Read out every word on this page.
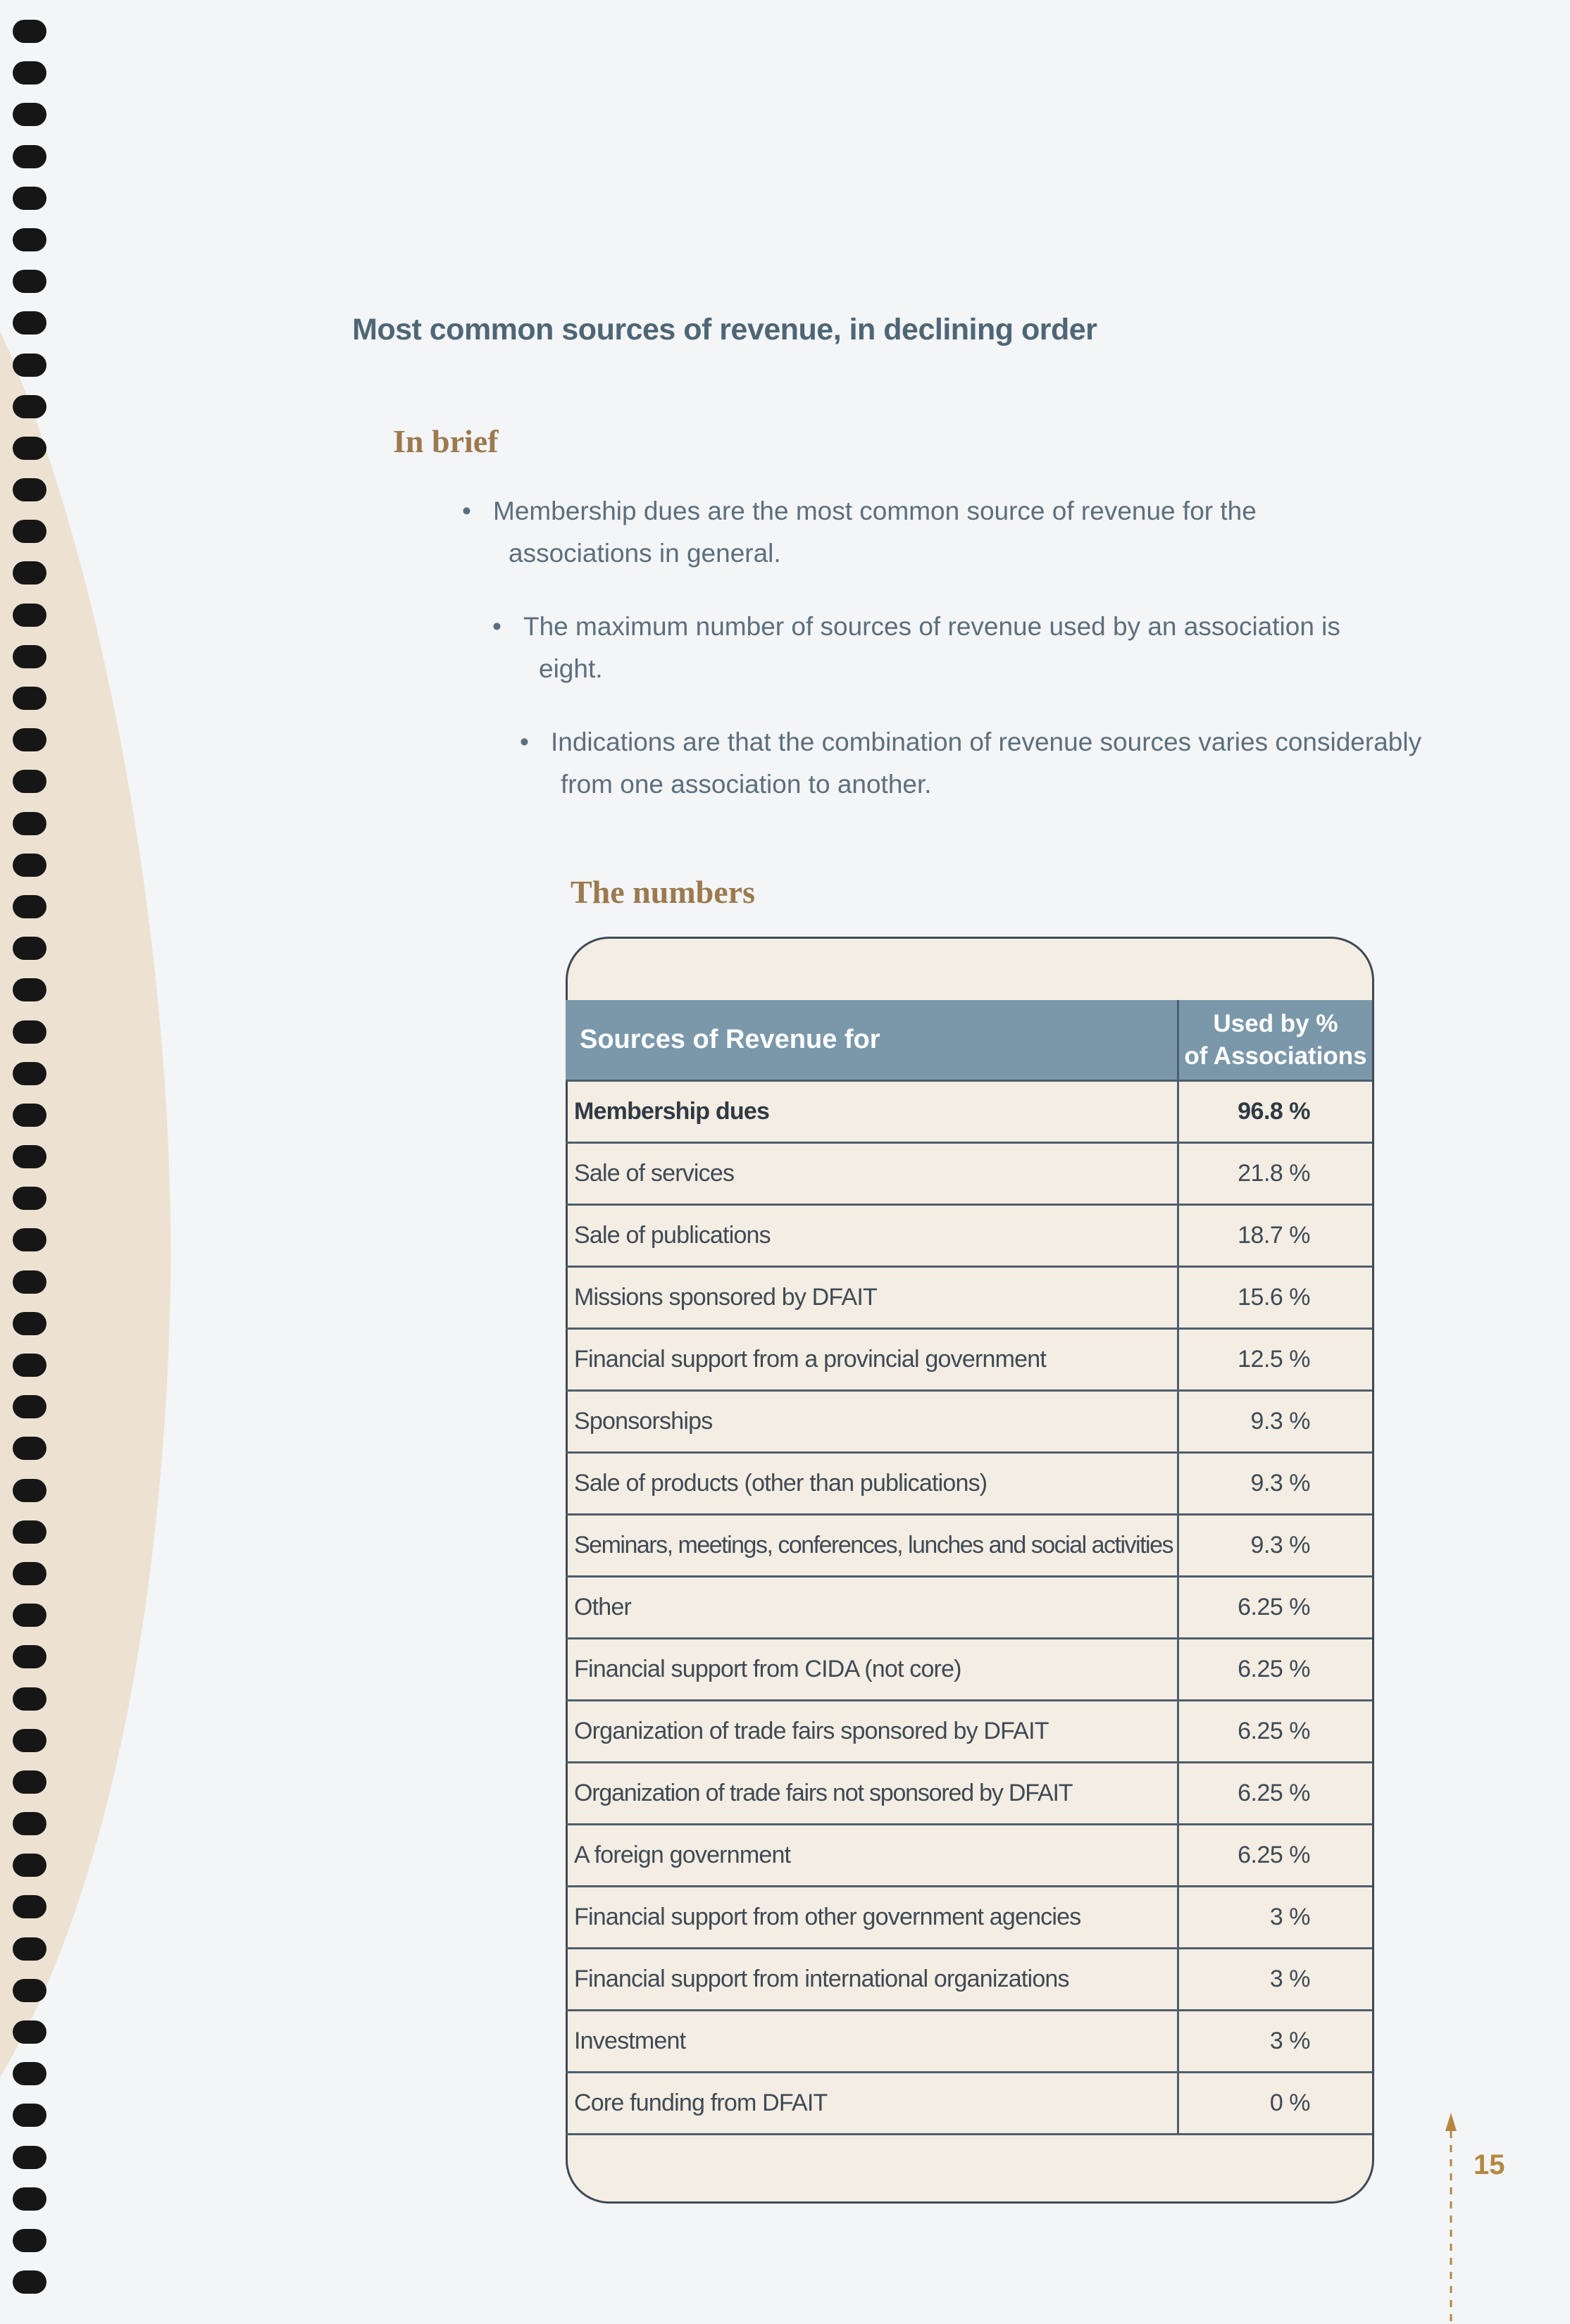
Most common sources of revenue, in declining order
In brief
• Membership dues are the most common source of revenue for the
associations in general.
• The maximum number of sources of revenue used by an association is
eight.
• Indications are that the combination of revenue sources varies considerably
from one association to another.
The numbers
Sources of Revenue for	Used by %
of Associations

Membership dues	96.8 %
Sale of services	21.8 %
Sale of publications	18.7 %
Missions sponsored by DFAIT	15.6 %
Financial support from a provincial government	12.5 %
Sponsorships	9.3 %
Sale of products (other than publications)	9.3 %
Seminars, meetings, conferences, lunches and social activities	9.3 %
Other	6.25 %
Financial support from CIDA (not core)	6.25 %
Organization of trade fairs sponsored by DFAIT	6.25 %
Organization of trade fairs not sponsored by DFAIT	6.25 %
A foreign government	6.25 %
Financial support from other government agencies	3 %
Financial support from international organizations	3 %
Investment	3 %
Core funding from DFAIT	0 %
15
